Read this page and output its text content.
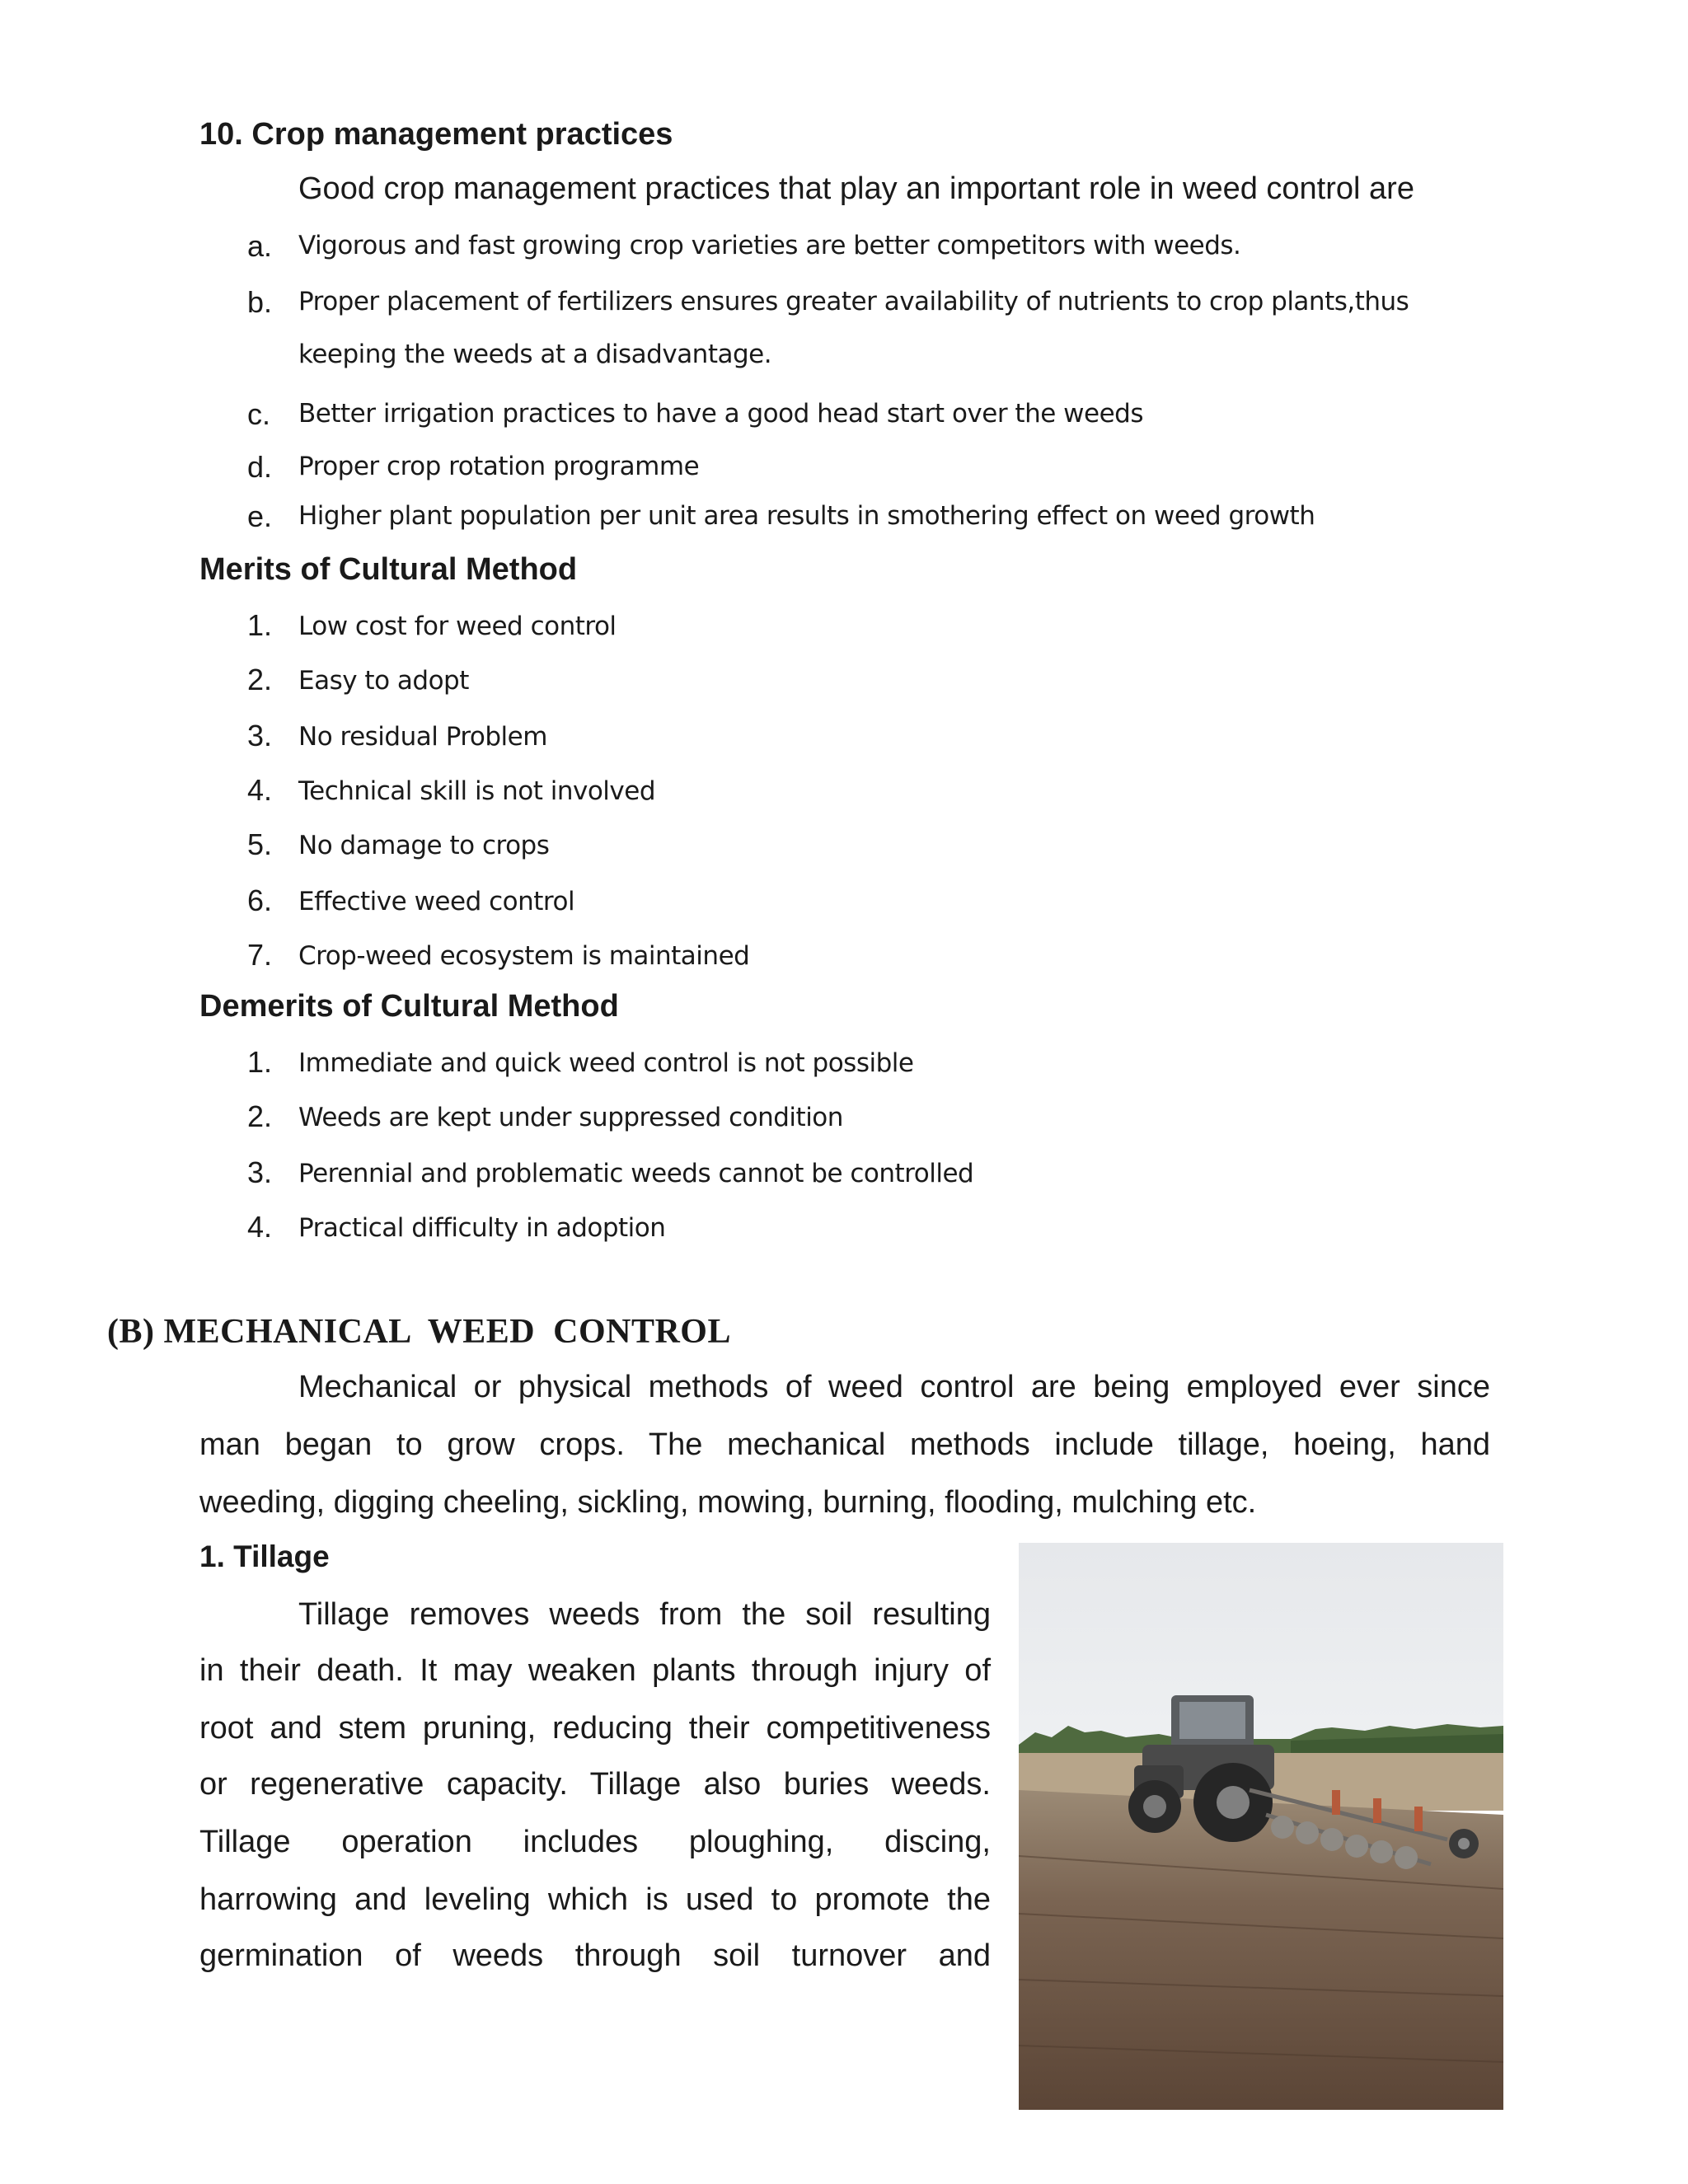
10. Crop management practices
Good crop management practices that play an important role in weed control are
a. Vigorous and fast growing crop varieties are better competitors with weeds.
b. Proper placement of fertilizers ensures greater availability of nutrients to crop plants,thus
keeping the weeds at a disadvantage.
c. Better irrigation practices to have a good head start over the weeds
d. Proper crop rotation programme
e. Higher plant population per unit area results in smothering effect on weed growth
Merits of Cultural Method
1. Low cost for weed control
2. Easy to adopt
3. No residual Problem
4. Technical skill is not involved
5. No damage to crops
6. Effective weed control
7. Crop-weed ecosystem is maintained
Demerits of Cultural Method
1. Immediate and quick weed control is not possible
2. Weeds are kept under suppressed condition
3. Perennial and problematic weeds cannot be controlled
4. Practical difficulty in adoption
(B) MECHANICAL  WEED  CONTROL
Mechanical or physical methods of weed control are being employed ever since
man began to grow crops. The mechanical methods include tillage, hoeing, hand
weeding, digging cheeling, sickling, mowing, burning, flooding, mulching etc.
1. Tillage
Tillage removes weeds from the soil resulting
in their death. It may weaken plants through injury of
root and stem pruning, reducing their competitiveness
or regenerative capacity. Tillage also buries weeds.
Tillage operation includes ploughing, discing,
harrowing and leveling which is used to promote the
germination of weeds through soil turnover and
